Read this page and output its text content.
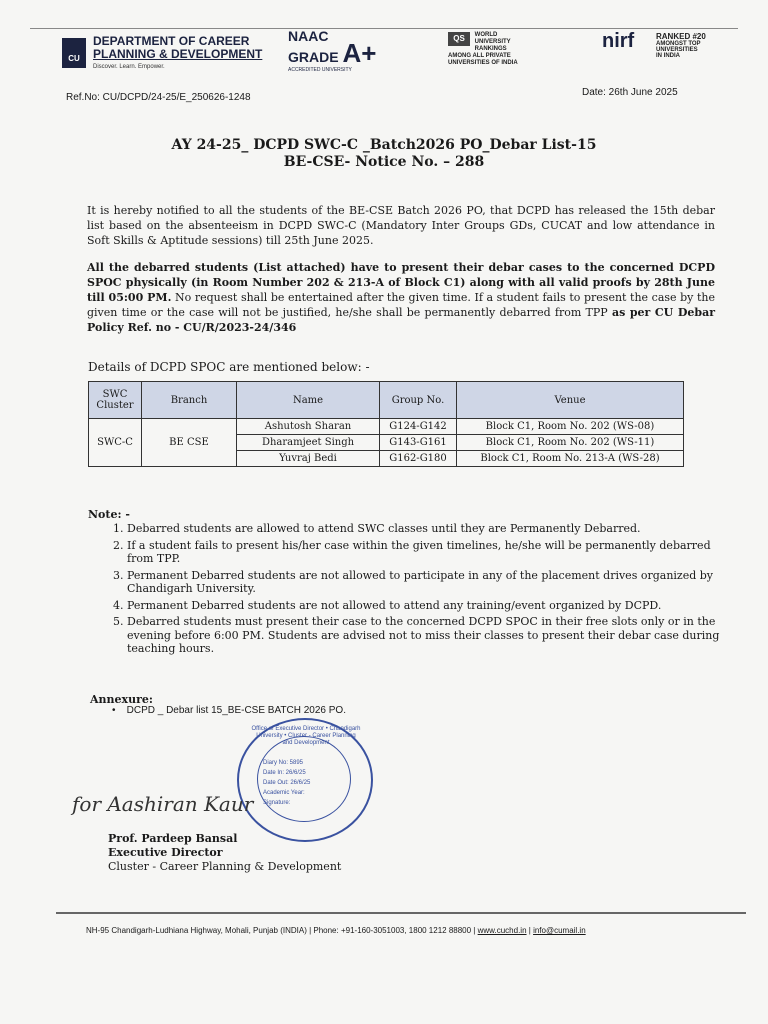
CU
DEPARTMENT OF CAREER
PLANNING & DEVELOPMENT
Discover. Learn. Empower.
NAAC
GRADE A+
ACCREDITED UNIVERSITY
QS WORLD
UNIVERSITY
RANKINGS
AMONG ALL PRIVATE
UNIVERSITIES OF INDIA
nirf	RANKED #20
AMONGST TOP
UNIVERSITIES
IN INDIA
Ref.No: CU/DCPD/24-25/E_250626-1248	Date: 26th June 2025
AY 24-25_ DCPD SWC-C _Batch2026 PO_Debar List-15
BE-CSE- Notice No. – 288
It is hereby notified to all the students of the BE-CSE Batch 2026 PO, that DCPD has released the 15th debar list based on the absenteeism in DCPD SWC-C (Mandatory Inter Groups GDs, CUCAT and low attendance in Soft Skills & Aptitude sessions) till 25th June 2025.
All the debarred students (List attached) have to present their debar cases to the concerned DCPD SPOC physically (in Room Number 202 & 213-A of Block C1) along with all valid proofs by 28th June till 05:00 PM. No request shall be entertained after the given time. If a student fails to present the case by the given time or the case will not be justified, he/she shall be permanently debarred from TPP as per CU Debar Policy Ref. no - CU/R/2023-24/346
Details of DCPD SPOC are mentioned below: -
SWC Cluster	Branch	Name	Group No.	Venue
SWC-C	BE CSE	Ashutosh Sharan	G124-G142	Block C1, Room No. 202 (WS-08)
		Dharamjeet Singh	G143-G161	Block C1, Room No. 202 (WS-11)
		Yuvraj Bedi	G162-G180	Block C1, Room No. 213-A (WS-28)
Note: -
1. Debarred students are allowed to attend SWC classes until they are Permanently Debarred.
2. If a student fails to present his/her case within the given timelines, he/she will be permanently debarred from TPP.
3. Permanent Debarred students are not allowed to participate in any of the placement drives organized by Chandigarh University.
4. Permanent Debarred students are not allowed to attend any training/event organized by DCPD.
5. Debarred students must present their case to the concerned DCPD SPOC in their free slots only or in the evening before 6:00 PM. Students are advised not to miss their classes to present their debar case during teaching hours.
Annexure:
•    DCPD _ Debar list 15_BE-CSE BATCH 2026 PO.
Office of Executive Director • Chandigarh University • Cluster - Career Planning and Development
Diary No: 5895
Date In: 26/6/25
Date Out: 26/6/25
Academic Year:
Signature:
for Aashiran Kaur
Prof. Pardeep Bansal
Executive Director
Cluster - Career Planning & Development
NH-95 Chandigarh-Ludhiana Highway, Mohali, Punjab (INDIA) | Phone: +91-160-3051003, 1800 1212 88800 | www.cuchd.in | info@cumail.in
